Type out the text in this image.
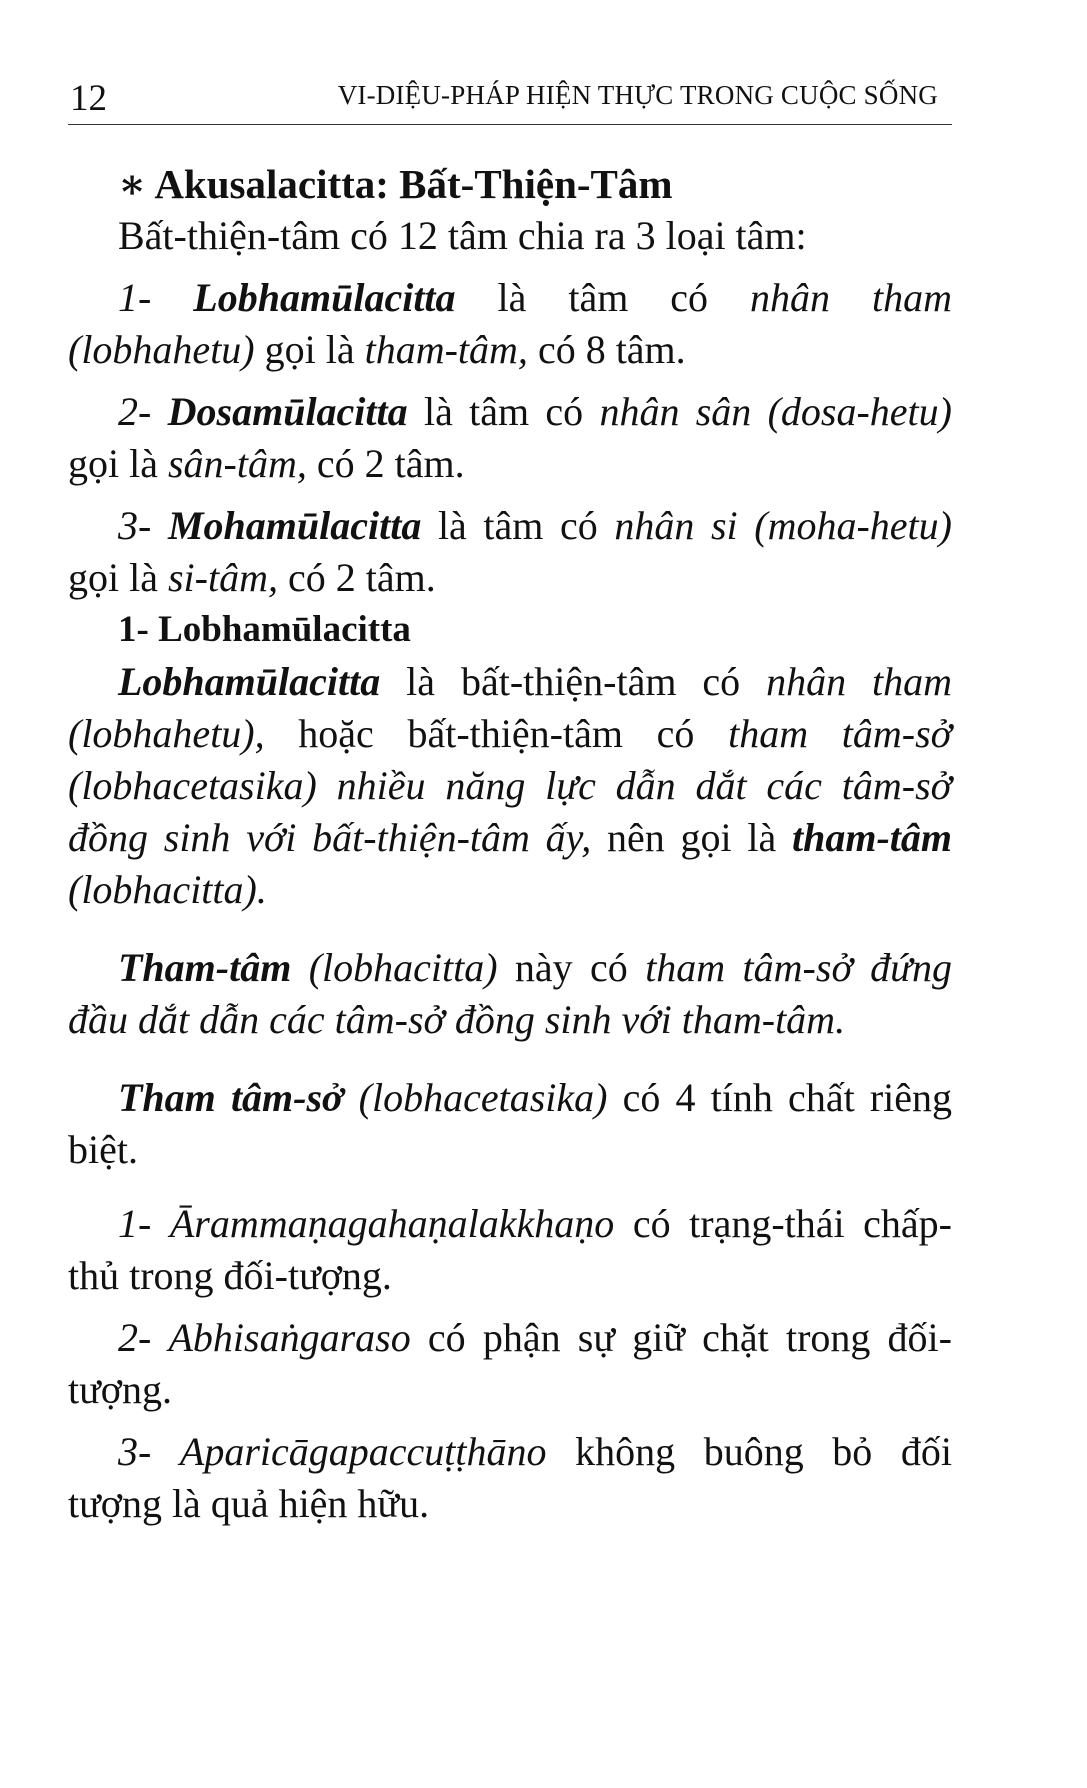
12	VI-DIỆU-PHÁP HIỆN THỰC TRONG CUỘC SỐNG

∗ Akusalacitta: Bất-Thiện-Tâm

Bất-thiện-tâm có 12 tâm chia ra 3 loại tâm:

1- Lobhamūlacitta là tâm có nhân tham (lobhahetu) gọi là tham-tâm, có 8 tâm.

2- Dosamūlacitta là tâm có nhân sân (dosa-hetu) gọi là sân-tâm, có 2 tâm.

3- Mohamūlacitta là tâm có nhân si (moha-hetu) gọi là si-tâm, có 2 tâm.

1- Lobhamūlacitta

Lobhamūlacitta là bất-thiện-tâm có nhân tham (lobhahetu), hoặc bất-thiện-tâm có tham tâm-sở (lobhacetasika) nhiều năng lực dẫn dắt các tâm-sở đồng sinh với bất-thiện-tâm ấy, nên gọi là tham-tâm (lobhacitta).

Tham-tâm (lobhacitta) này có tham tâm-sở đứng đầu dắt dẫn các tâm-sở đồng sinh với tham-tâm.

Tham tâm-sở (lobhacetasika) có 4 tính chất riêng biệt.

1- Ārammaṇagahaṇalakkhaṇo có trạng-thái chấp-thủ trong đối-tượng.

2- Abhisaṅgaraso có phận sự giữ chặt trong đối-tượng.

3- Aparicāgapaccuṭṭhāno không buông bỏ đối tượng là quả hiện hữu.
